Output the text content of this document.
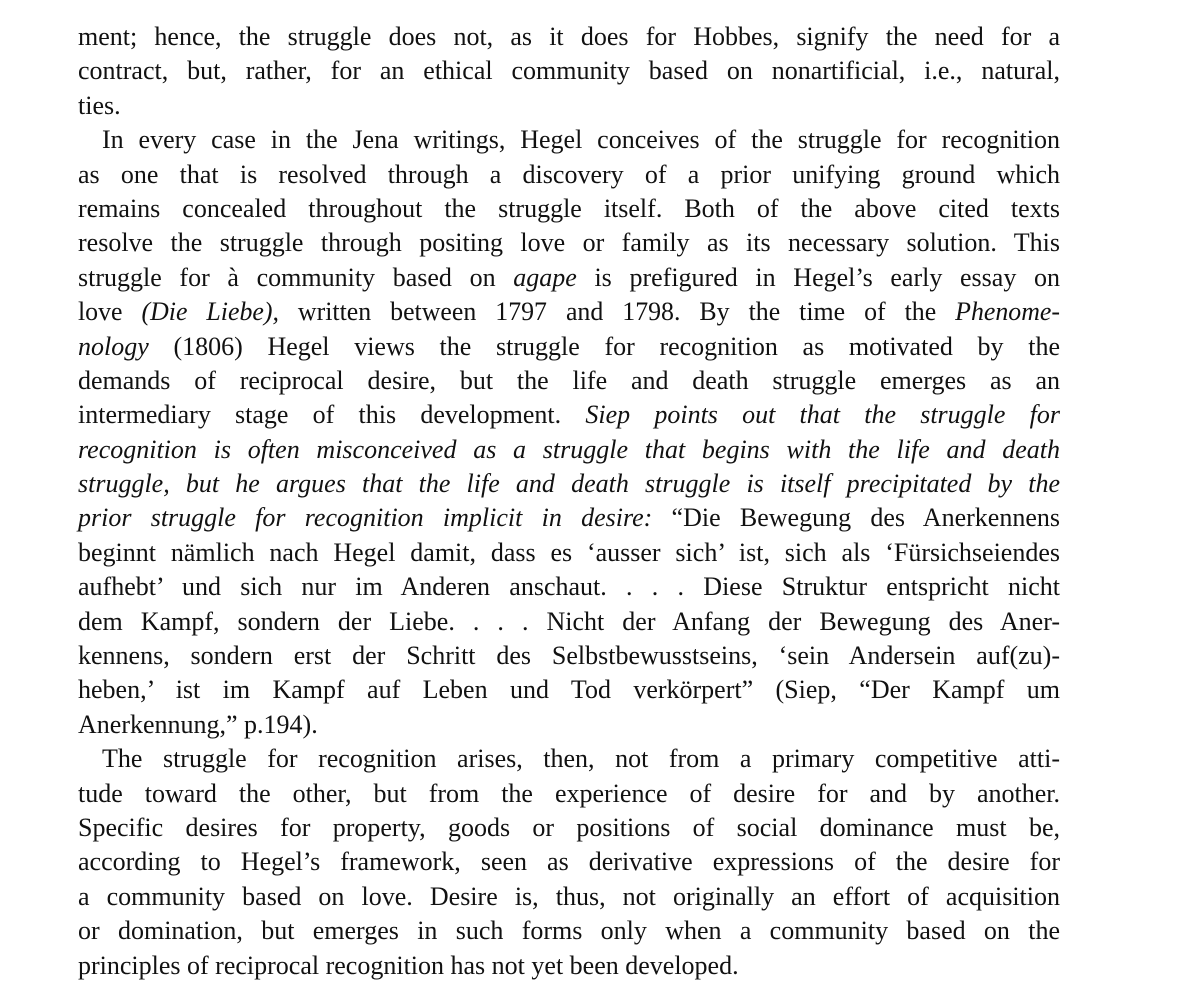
ment; hence, the struggle does not, as it does for Hobbes, signify the need for a
contract, but, rather, for an ethical community based on nonartificial, i.e., natural,
ties.
In every case in the Jena writings, Hegel conceives of the struggle for recognition
as one that is resolved through a discovery of a prior unifying ground which
remains concealed throughout the struggle itself. Both of the above cited texts
resolve the struggle through positing love or family as its necessary solution. This
struggle for à community based on agape is prefigured in Hegel’s early essay on
love (Die Liebe), written between 1797 and 1798. By the time of the Phenome-
nology (1806) Hegel views the struggle for recognition as motivated by the
demands of reciprocal desire, but the life and death struggle emerges as an
intermediary stage of this development. Siep points out that the struggle for
recognition is often misconceived as a struggle that begins with the life and death
struggle, but he argues that the life and death struggle is itself precipitated by the
prior struggle for recognition implicit in desire: “Die Bewegung des Anerkennens
beginnt nämlich nach Hegel damit, dass es ‘ausser sich’ ist, sich als ‘Fürsichseiendes
aufhebt’ und sich nur im Anderen anschaut. . . . Diese Struktur entspricht nicht
dem Kampf, sondern der Liebe. . . . Nicht der Anfang der Bewegung des Aner-
kennens, sondern erst der Schritt des Selbstbewusstseins, ‘sein Andersein auf(zu)-
heben,’ ist im Kampf auf Leben und Tod verkörpert” (Siep, “Der Kampf um
Anerkennung,” p.194).
The struggle for recognition arises, then, not from a primary competitive atti-
tude toward the other, but from the experience of desire for and by another.
Specific desires for property, goods or positions of social dominance must be,
according to Hegel’s framework, seen as derivative expressions of the desire for
a community based on love. Desire is, thus, not originally an effort of acquisition
or domination, but emerges in such forms only when a community based on the
principles of reciprocal recognition has not yet been developed.
